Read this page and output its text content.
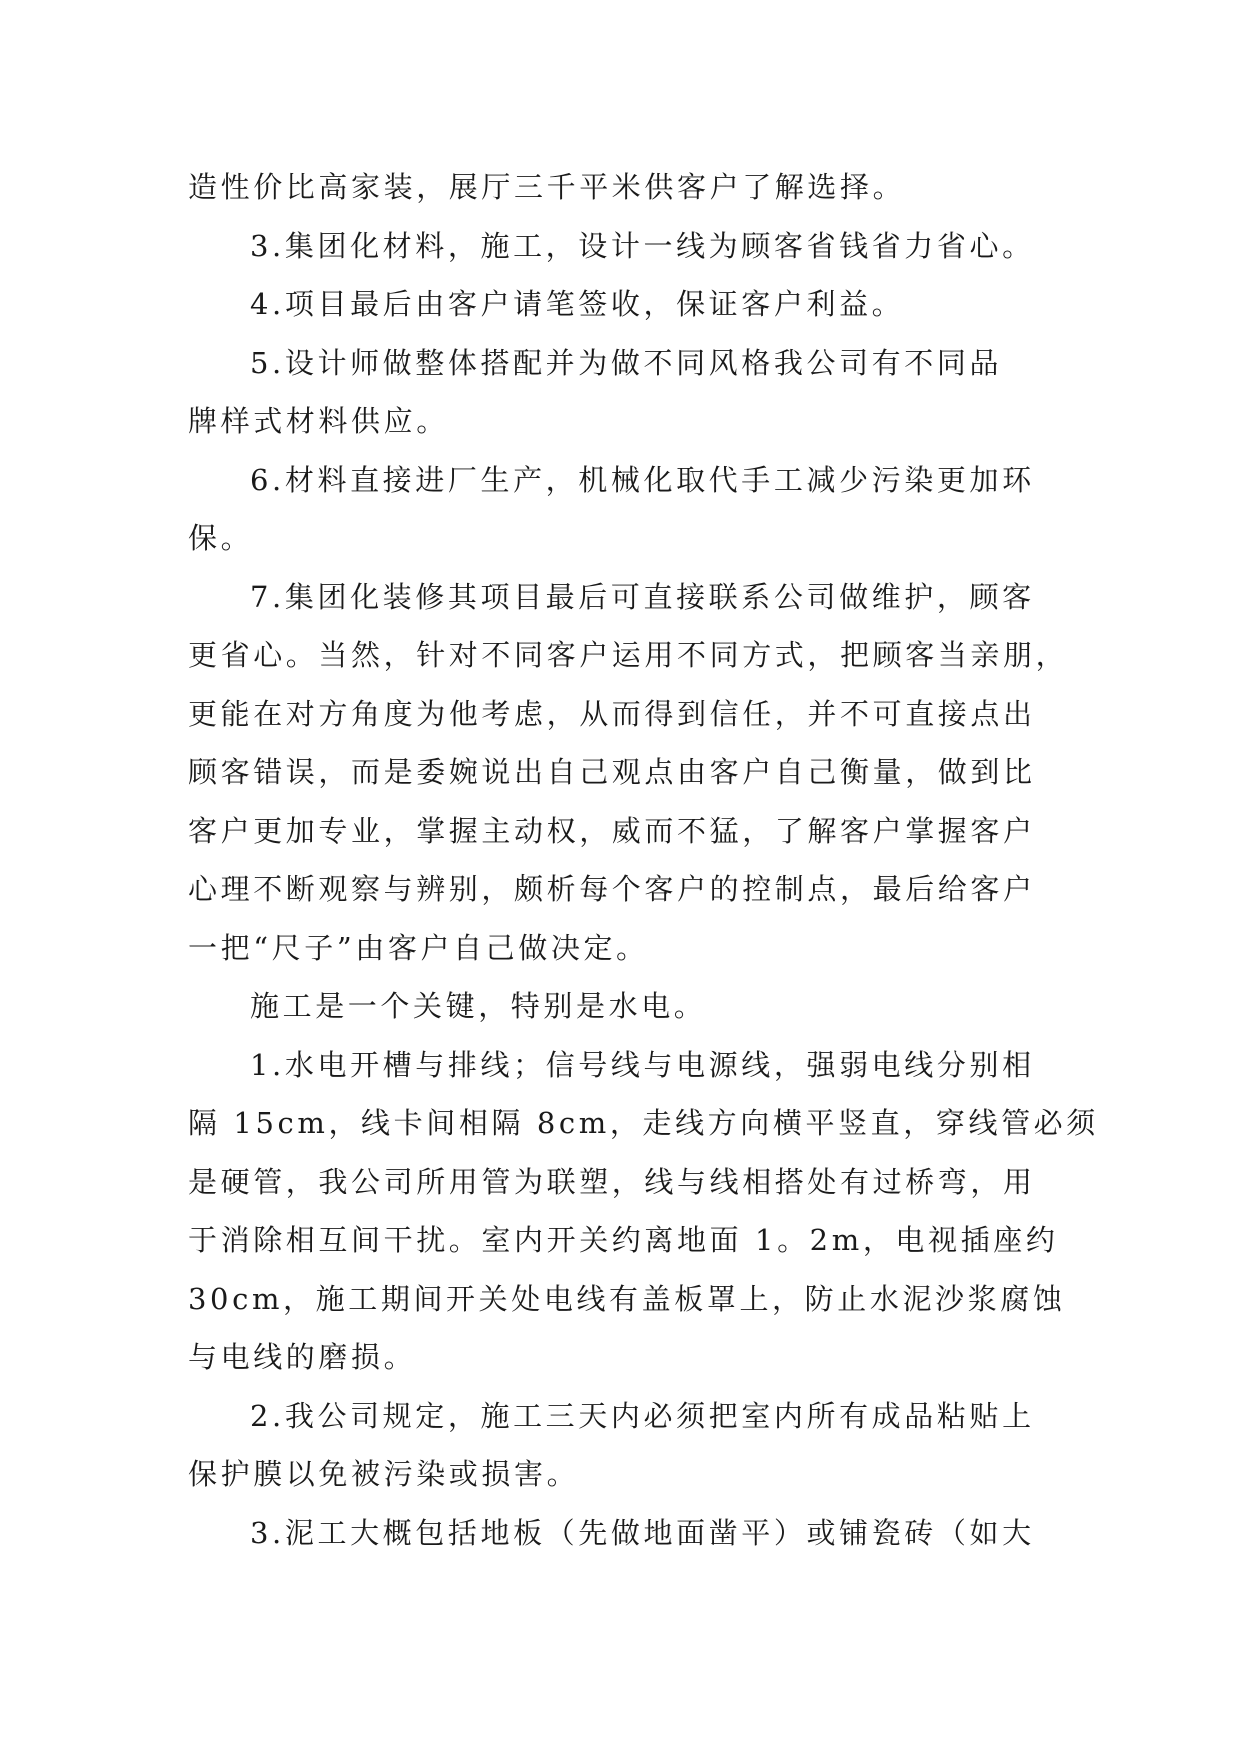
造性价比高家装，展厅三千平米供客户了解选择。
3.集团化材料，施工，设计一线为顾客省钱省力省心。
4.项目最后由客户请笔签收，保证客户利益。
5.设计师做整体搭配并为做不同风格我公司有不同品
牌样式材料供应。
6.材料直接进厂生产，机械化取代手工减少污染更加环
保。
7.集团化装修其项目最后可直接联系公司做维护，顾客
更省心。当然，针对不同客户运用不同方式，把顾客当亲朋，
更能在对方角度为他考虑，从而得到信任，并不可直接点出
顾客错误，而是委婉说出自己观点由客户自己衡量，做到比
客户更加专业，掌握主动权，威而不猛，了解客户掌握客户
心理不断观察与辨别，颇析每个客户的控制点，最后给客户
一把“尺子”由客户自己做决定。
施工是一个关键，特别是水电。
1.水电开槽与排线；信号线与电源线，强弱电线分别相
隔 15cm，线卡间相隔 8cm，走线方向横平竖直，穿线管必须
是硬管，我公司所用管为联塑，线与线相搭处有过桥弯，用
于消除相互间干扰。室内开关约离地面 1。2m，电视插座约
30cm，施工期间开关处电线有盖板罩上，防止水泥沙浆腐蚀
与电线的磨损。
2.我公司规定，施工三天内必须把室内所有成品粘贴上
保护膜以免被污染或损害。
3.泥工大概包括地板（先做地面凿平）或铺瓷砖（如大
